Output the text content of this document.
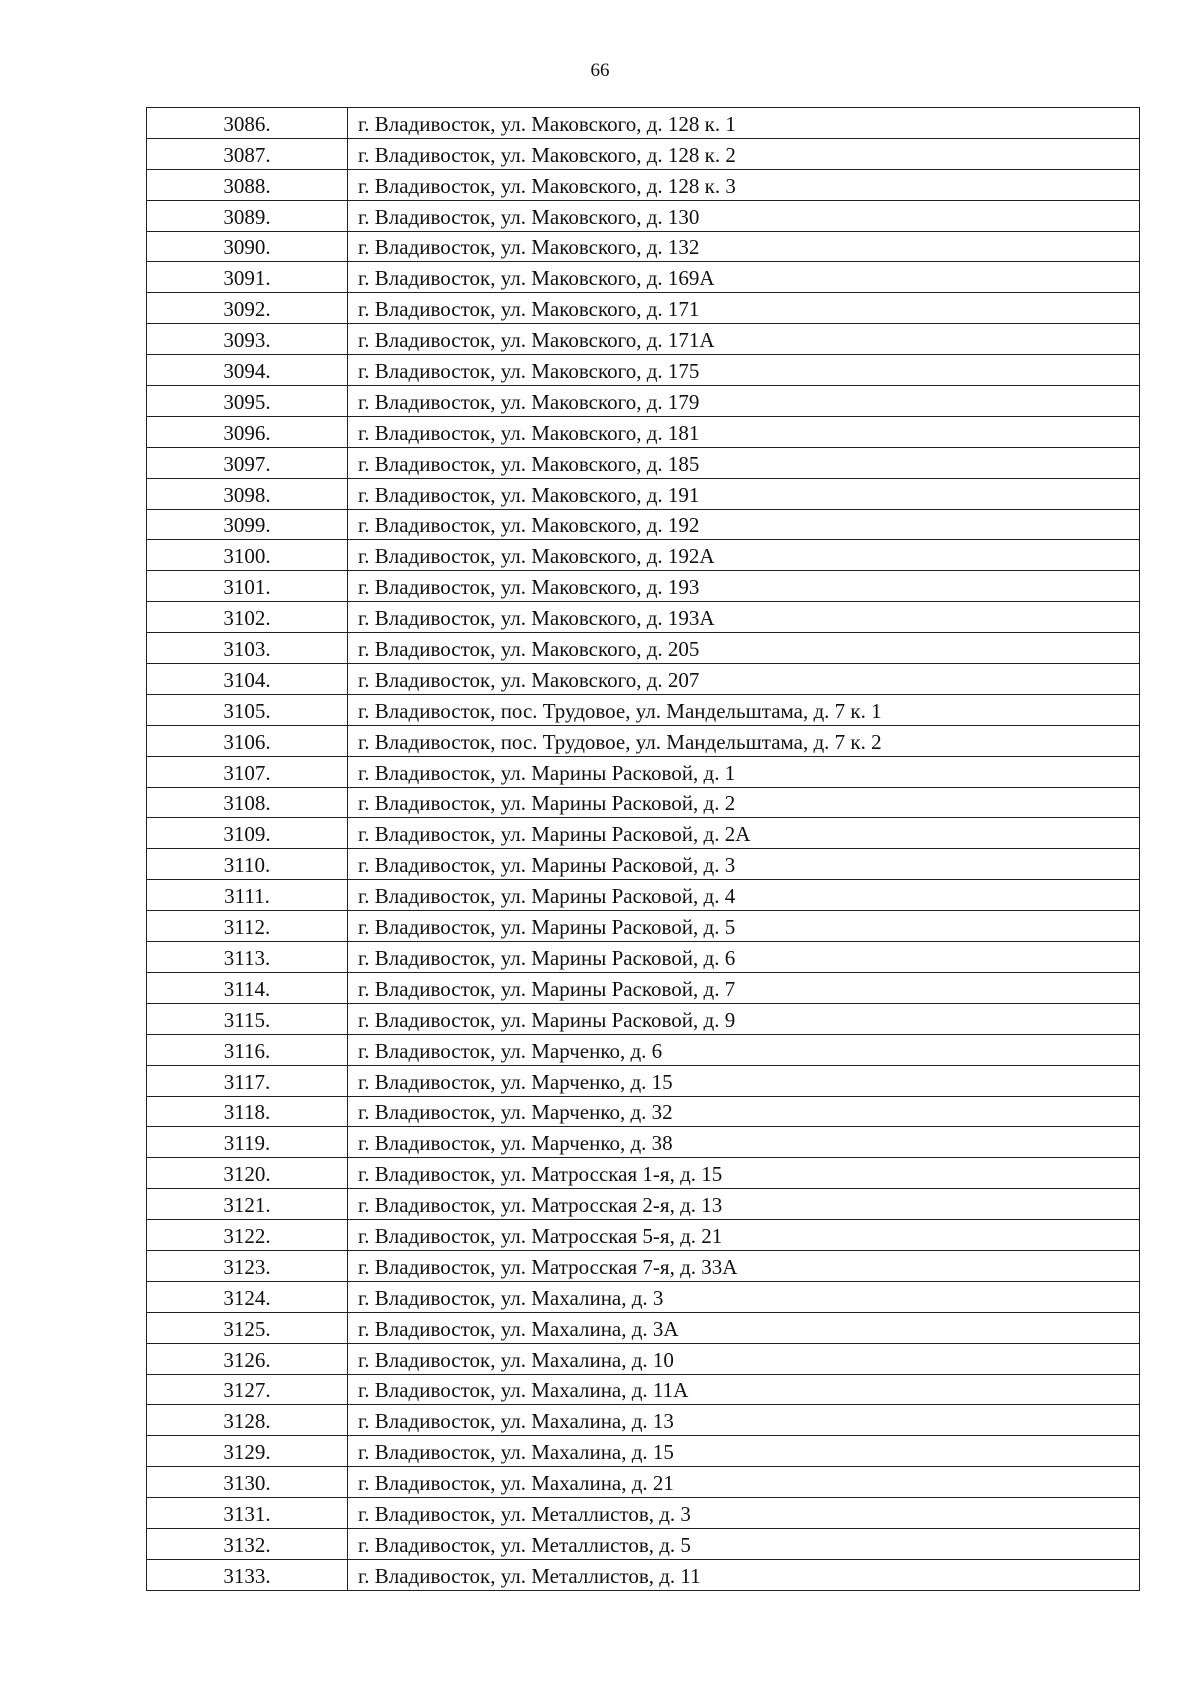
66
3086.	г. Владивосток, ул. Маковского, д. 128 к. 1
3087.	г. Владивосток, ул. Маковского, д. 128 к. 2
3088.	г. Владивосток, ул. Маковского, д. 128 к. 3
3089.	г. Владивосток, ул. Маковского, д. 130
3090.	г. Владивосток, ул. Маковского, д. 132
3091.	г. Владивосток, ул. Маковского, д. 169А
3092.	г. Владивосток, ул. Маковского, д. 171
3093.	г. Владивосток, ул. Маковского, д. 171А
3094.	г. Владивосток, ул. Маковского, д. 175
3095.	г. Владивосток, ул. Маковского, д. 179
3096.	г. Владивосток, ул. Маковского, д. 181
3097.	г. Владивосток, ул. Маковского, д. 185
3098.	г. Владивосток, ул. Маковского, д. 191
3099.	г. Владивосток, ул. Маковского, д. 192
3100.	г. Владивосток, ул. Маковского, д. 192А
3101.	г. Владивосток, ул. Маковского, д. 193
3102.	г. Владивосток, ул. Маковского, д. 193А
3103.	г. Владивосток, ул. Маковского, д. 205
3104.	г. Владивосток, ул. Маковского, д. 207
3105.	г. Владивосток, пос. Трудовое, ул. Мандельштама, д. 7 к. 1
3106.	г. Владивосток, пос. Трудовое, ул. Мандельштама, д. 7 к. 2
3107.	г. Владивосток, ул. Марины Расковой, д. 1
3108.	г. Владивосток, ул. Марины Расковой, д. 2
3109.	г. Владивосток, ул. Марины Расковой, д. 2А
3110.	г. Владивосток, ул. Марины Расковой, д. 3
3111.	г. Владивосток, ул. Марины Расковой, д. 4
3112.	г. Владивосток, ул. Марины Расковой, д. 5
3113.	г. Владивосток, ул. Марины Расковой, д. 6
3114.	г. Владивосток, ул. Марины Расковой, д. 7
3115.	г. Владивосток, ул. Марины Расковой, д. 9
3116.	г. Владивосток, ул. Марченко, д. 6
3117.	г. Владивосток, ул. Марченко, д. 15
3118.	г. Владивосток, ул. Марченко, д. 32
3119.	г. Владивосток, ул. Марченко, д. 38
3120.	г. Владивосток, ул. Матросская 1-я, д. 15
3121.	г. Владивосток, ул. Матросская 2-я, д. 13
3122.	г. Владивосток, ул. Матросская 5-я, д. 21
3123.	г. Владивосток, ул. Матросская 7-я, д. 33А
3124.	г. Владивосток, ул. Махалина, д. 3
3125.	г. Владивосток, ул. Махалина, д. 3А
3126.	г. Владивосток, ул. Махалина, д. 10
3127.	г. Владивосток, ул. Махалина, д. 11А
3128.	г. Владивосток, ул. Махалина, д. 13
3129.	г. Владивосток, ул. Махалина, д. 15
3130.	г. Владивосток, ул. Махалина, д. 21
3131.	г. Владивосток, ул. Металлистов, д. 3
3132.	г. Владивосток, ул. Металлистов, д. 5
3133.	г. Владивосток, ул. Металлистов, д. 11
